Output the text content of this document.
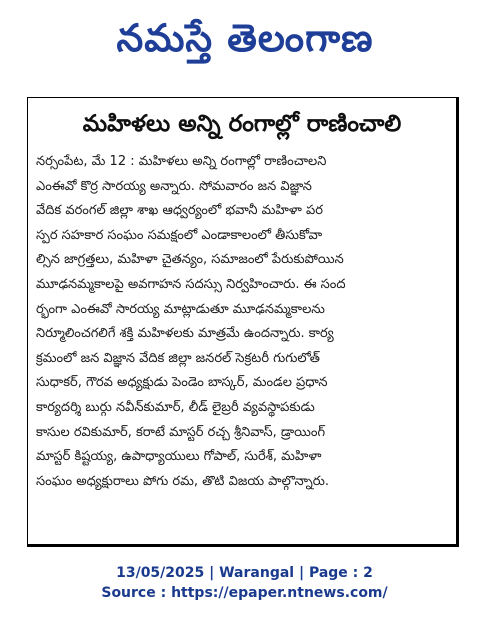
నమస్తే తెలంగాణ
మహిళలు అన్ని రంగాల్లో రాణించాలి
నర్సంపేట, మే 12 : మహిళలు అన్ని రంగాల్లో రాణించాలని
ఎంఈవో కొర్ర సారయ్య అన్నారు. సోమవారం జన విజ్ఞాన
వేదిక వరంగల్ జిల్లా శాఖ ఆధ్వర్యంలో భవానీ మహిళా పర
స్పర సహకార సంఘం సమక్షంలో ఎండాకాలంలో తీసుకోవా
ల్సిన జాగ్రత్తలు, మహిళా చైతన్యం, సమాజంలో పేరుకుపోయిన
మూఢనమ్మకాలపై అవగాహన సదస్సు నిర్వహించారు. ఈ సంద
ర్భంగా ఎంఈవో సారయ్య మాట్లాడుతూ మూఢనమ్మకాలను
నిర్మూలించగలిగే శక్తి మహిళలకు మాత్రమే ఉందన్నారు. కార్య
క్రమంలో జన విజ్ఞాన వేదిక జిల్లా జనరల్ సెక్రటరీ గుగులోత్
సుధాకర్, గౌరవ అధ్యక్షుడు పెండెం బాస్కర్, మండల ప్రధాన
కార్యదర్శి బుర్గు నవీన్‌కుమార్, లీడ్ లైబ్రరీ వ్యవస్థాపకుడు
కాసుల రవికుమార్, కరాటే మాస్టర్ రచ్చ శ్రీనివాస్, డ్రాయింగ్
మాస్టర్ కిష్టయ్య, ఉపాధ్యాయులు గోపాల్, సురేశ్, మహిళా
సంఘం అధ్యక్షురాలు పోగు రమ, తొటి విజయ పాల్గొన్నారు.
13/05/2025 | Warangal | Page : 2
Source : https://epaper.ntnews.com/
